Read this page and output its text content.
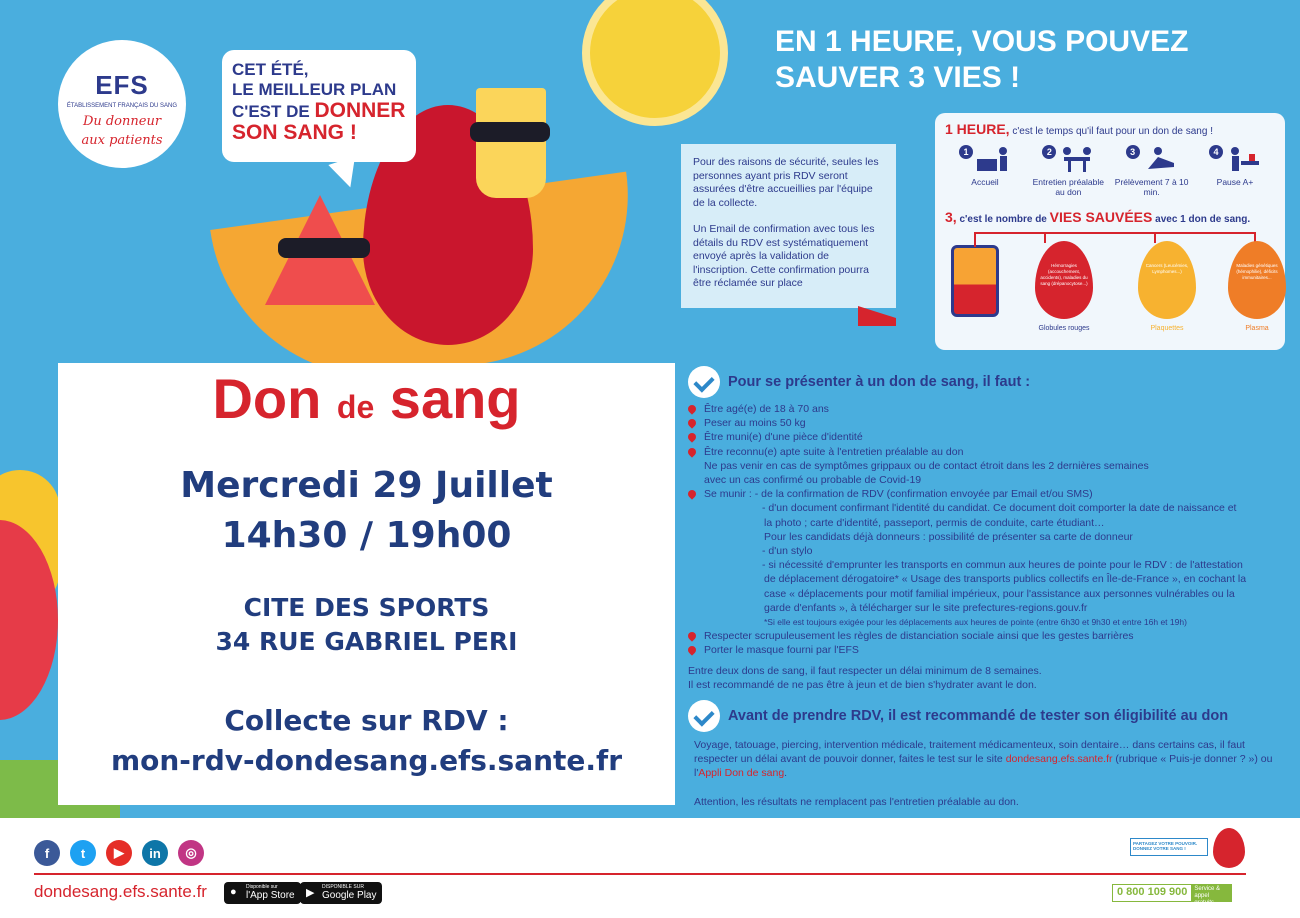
EFS
ÉTABLISSEMENT FRANÇAIS DU SANG
Du donneur
aux patients
CET ÉTÉ,
LE MEILLEUR PLAN
C'EST DE DONNER
SON SANG !
EN 1 HEURE, VOUS POUVEZ
SAUVER 3 VIES !

Pour des raisons de sécurité, seules les personnes ayant pris RDV seront assurées d'être accueillies par l'équipe de la collecte.

Un Email de confirmation avec tous les détails du RDV est systématiquement envoyé après la validation de l'inscription. Cette confirmation pourra être réclamée sur place

1 HEURE, c'est le temps qu'il faut pour un don de sang !
1
Accueil
2
Entretien préalable au don
3
Prélèvement 7 à 10 min.
4
Pause A+
3, c'est le nombre de VIES SAUVÉES avec 1 don de sang.
Hémorragies (accouchement, accidents), maladies du sang (drépanocytose...)
Globules rouges
Cancers (Leucémies, Lymphomes...)
Plaquettes
Maladies génétiques (hémophilie), déficits immunitaires...
Plasma
Don de sang
Mercredi 29 Juillet
14h30 / 19h00
CITE DES SPORTS
34 RUE GABRIEL PERI
Collecte sur RDV :
mon-rdv-dondesang.efs.sante.fr
Pour se présenter à un don de sang, il faut :
Être agé(e) de 18 à 70 ans
Peser au moins 50 kg
Être muni(e) d'une pièce d'identité
Être reconnu(e) apte suite à l'entretien préalable au don
Ne pas venir en cas de symptômes grippaux ou de contact étroit dans les 2 dernières semaines
avec un cas confirmé ou probable de Covid-19
Se munir : - de la confirmation de RDV (confirmation envoyée par Email et/ou SMS)
- d'un document confirmant l'identité du candidat. Ce document doit comporter la date de naissance et
la photo ; carte d'identité, passeport, permis de conduite, carte étudiant…
Pour les candidats déjà donneurs : possibilité de présenter sa carte de donneur
- d'un stylo
- si nécessité d'emprunter les transports en commun aux heures de pointe pour le RDV : de l'attestation
de déplacement dérogatoire* « Usage des transports publics collectifs en Île-de-France », en cochant la
case « déplacements pour motif familial impérieux, pour l'assistance aux personnes vulnérables ou la
garde d'enfants », à télécharger sur le site prefectures-regions.gouv.fr
*Si elle est toujours exigée pour les déplacements aux heures de pointe (entre 6h30 et 9h30 et entre 16h et 19h)
Respecter scrupuleusement les règles de distanciation sociale ainsi que les gestes barrières
Porter le masque fourni par l'EFS
Entre deux dons de sang, il faut respecter un délai minimum de 8 semaines.
Il est recommandé de ne pas être à jeun et de bien s'hydrater avant le don.
Avant de prendre RDV, il est recommandé de tester son éligibilité au don
Voyage, tatouage, piercing, intervention médicale, traitement médicamenteux, soin dentaire… dans certains cas, il faut respecter un délai avant de pouvoir donner, faites le test sur le site dondesang.efs.sante.fr (rubrique « Puis-je donner ? ») ou l'Appli Don de sang.
Attention, les résultats ne remplacent pas l'entretien préalable au don.
f	t	▶	in	◎
dondesang.efs.sante.fr ● Disponible sur
l'App Store ▶ DISPONIBLE SUR
Google Play
PARTAGEZ VOTRE POUVOIR. DONNEZ VOTRE SANG !
0 800 109 900	Service & appel gratuits
